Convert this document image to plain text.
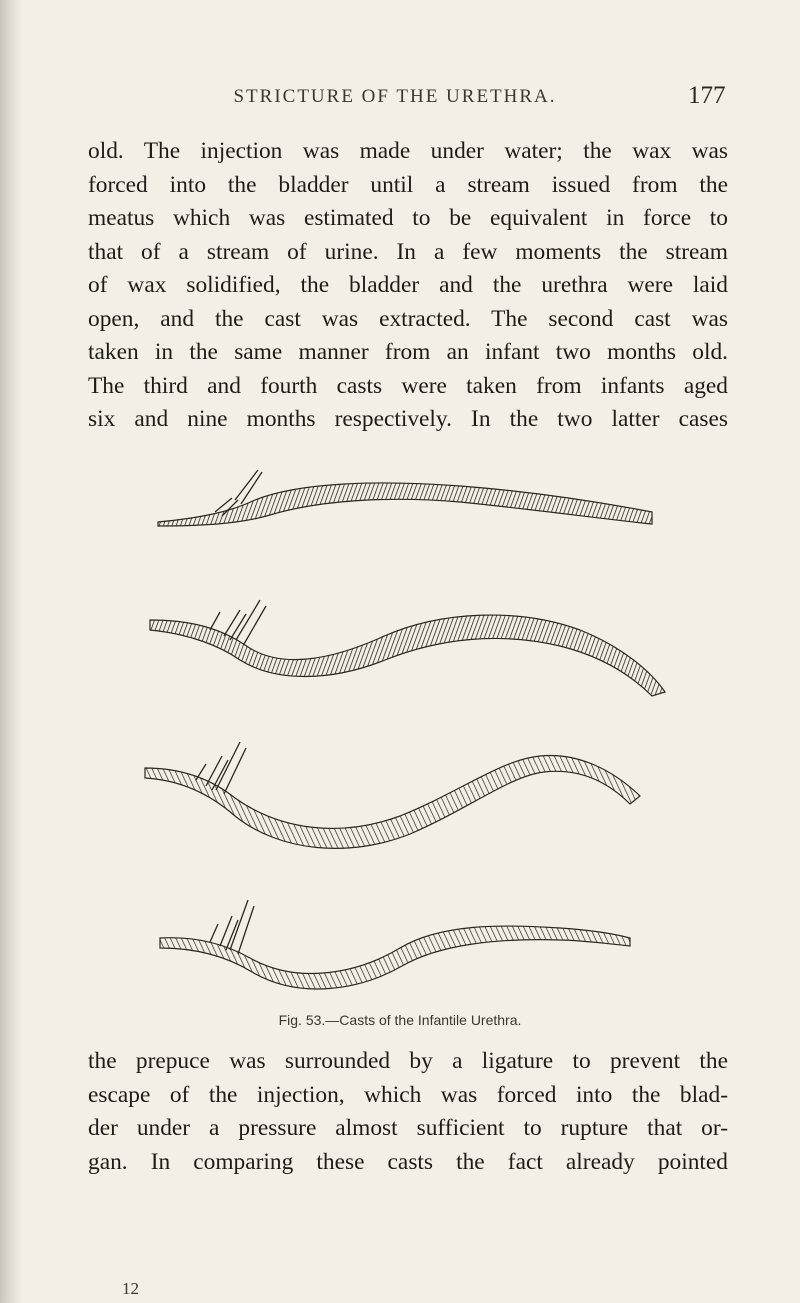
STRICTURE OF THE URETHRA.	177
old. The injection was made under water; the wax was
forced into the bladder until a stream issued from the
meatus which was estimated to be equivalent in force to
that of a stream of urine. In a few moments the stream
of wax solidified, the bladder and the urethra were laid
open, and the cast was extracted. The second cast was
taken in the same manner from an infant two months old.
The third and fourth casts were taken from infants aged
six and nine months respectively. In the two latter cases
Fig. 53.—Casts of the Infantile Urethra.
the prepuce was surrounded by a ligature to prevent the
escape of the injection, which was forced into the blad-
der under a pressure almost sufficient to rupture that or-
gan. In comparing these casts the fact already pointed
12
